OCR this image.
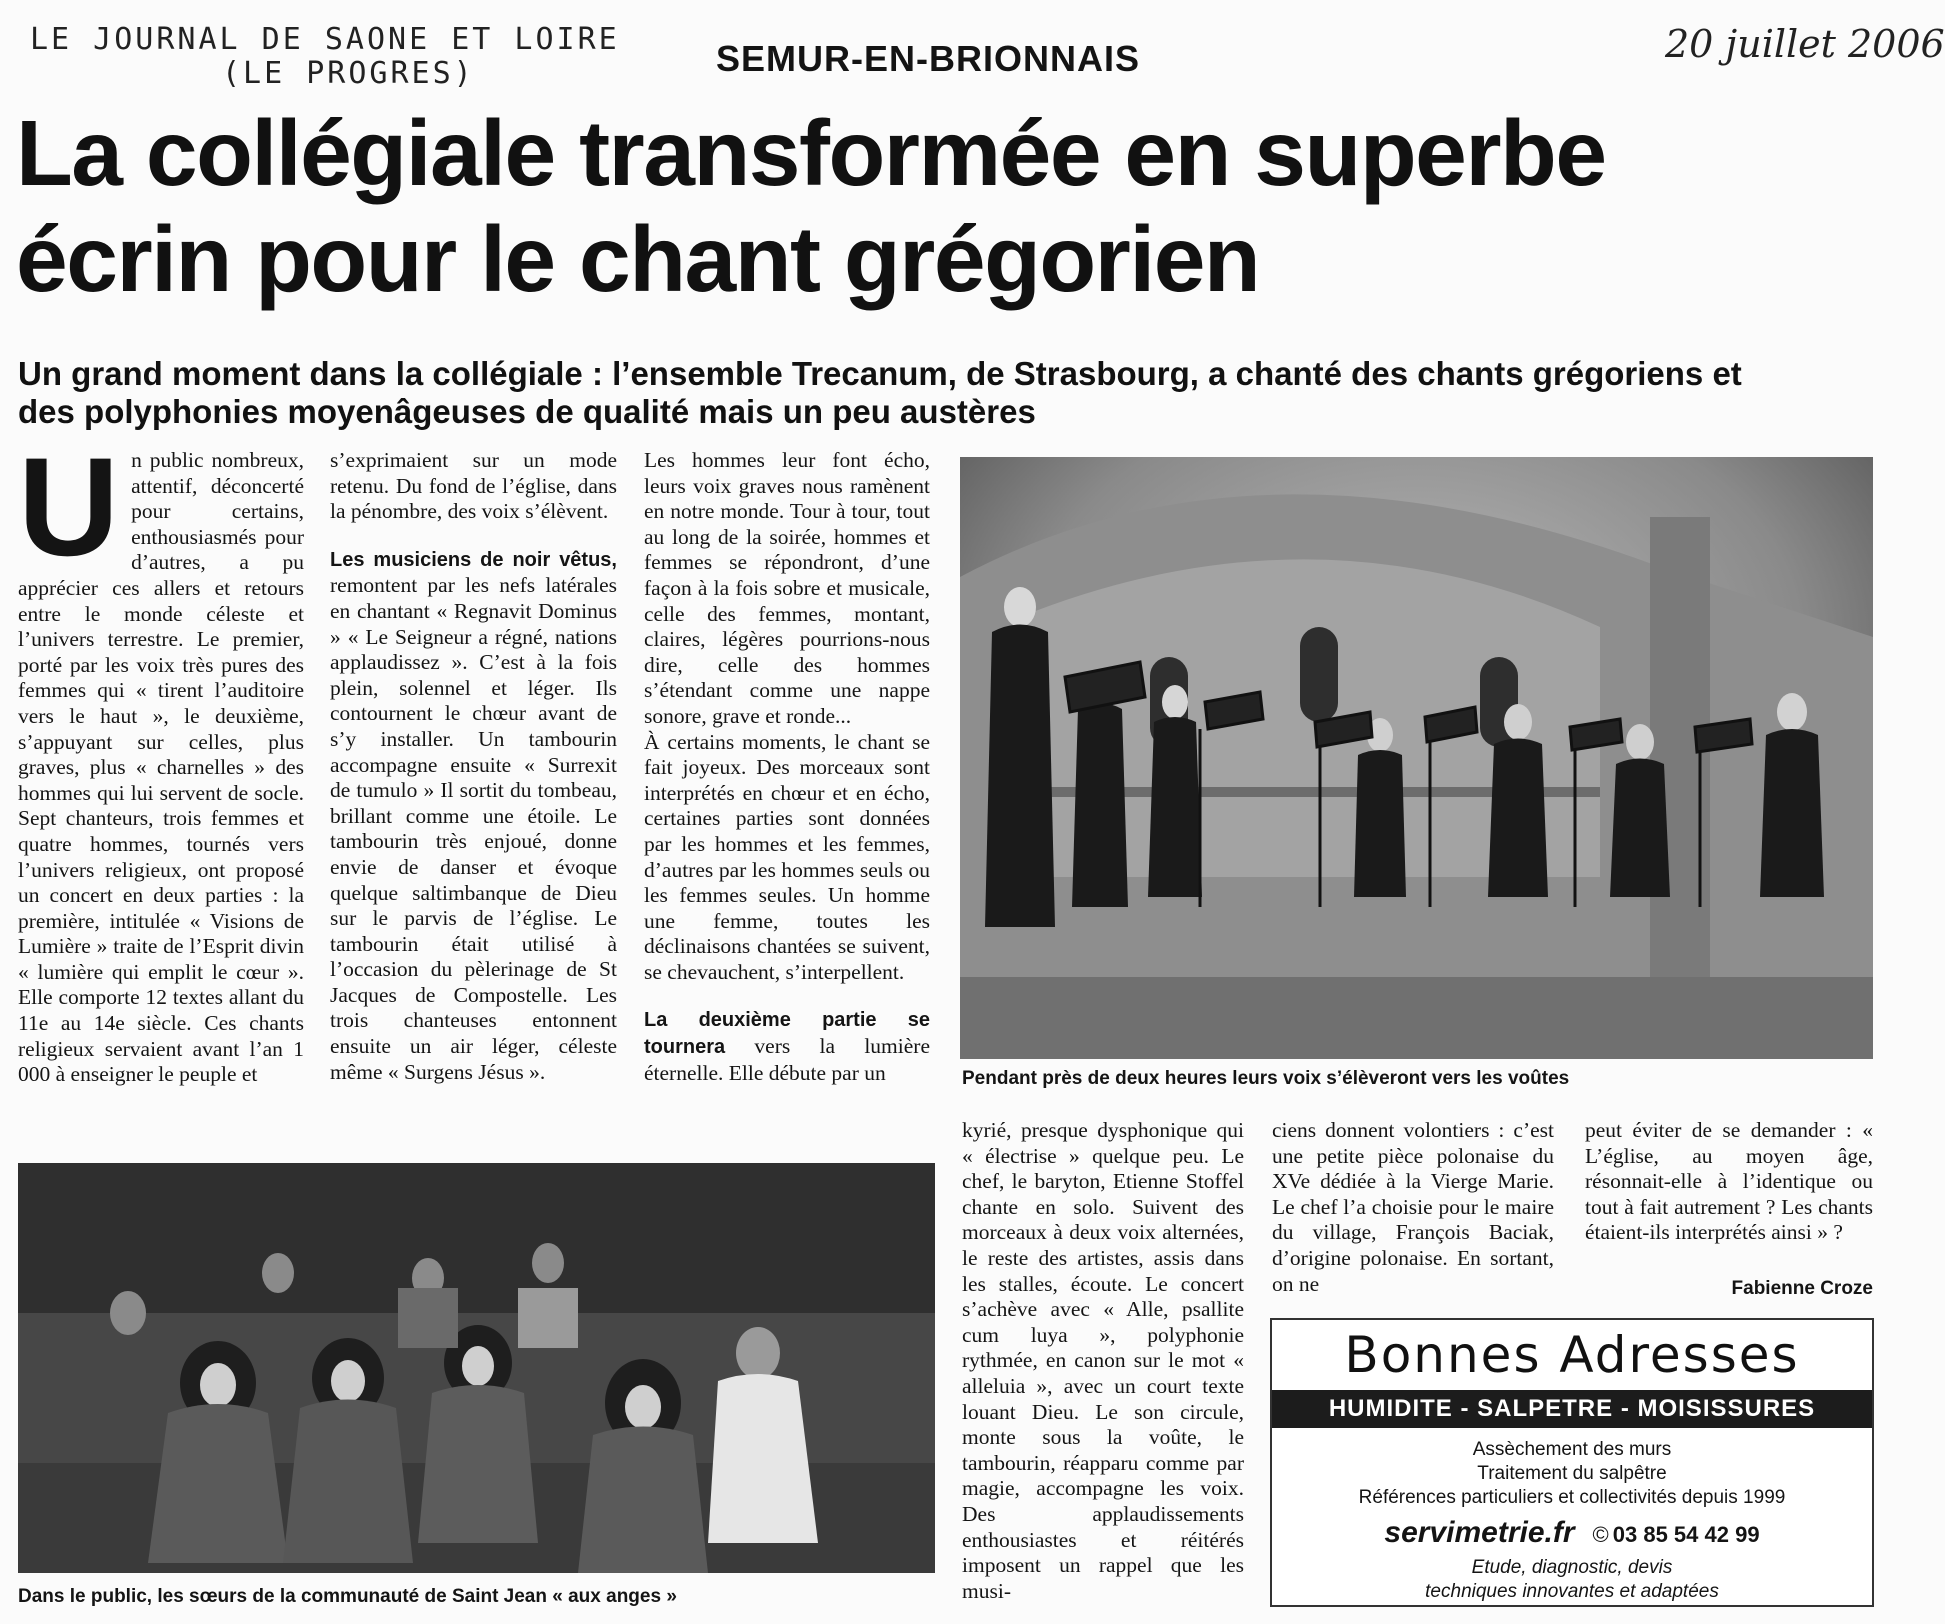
LE JOURNAL DE SAONE ET LOIRE
(LE PROGRES)
20 juillet 2006
SEMUR-EN-BRIONNAIS
La collégiale transformée en superbe
écrin pour le chant grégorien
Un grand moment dans la collégiale : l’ensemble Trecanum, de Strasbourg, a chanté des chants grégoriens et
des polyphonies moyenâgeuses de qualité mais un peu austères
U n public nombreux, attentif, déconcerté pour certains, enthousiasmés pour d’autres, a pu apprécier ces allers et retours entre le monde céleste et l’univers terrestre. Le premier, porté par les voix très pures des femmes qui « tirent l’auditoire vers le haut », le deuxième, s’appuyant sur celles, plus graves, plus « charnelles » des hommes qui lui servent de socle. Sept chanteurs, trois femmes et quatre hommes, tournés vers l’univers religieux, ont proposé un concert en deux parties : la première, intitulée « Visions de Lumière » traite de l’Esprit divin « lumière qui emplit le cœur ». Elle comporte 12 textes allant du 11e au 14e siècle. Ces chants religieux servaient avant l’an 1 000 à enseigner le peuple et

s’exprimaient sur un mode retenu. Du fond de l’église, dans la pénombre, des voix s’élèvent.

Les musiciens de noir vêtus, remontent par les nefs latérales en chantant « Regnavit Dominus » « Le Seigneur a régné, nations applaudissez ». C’est à la fois plein, solennel et léger. Ils contournent le chœur avant de s’y installer. Un tambourin accompagne ensuite « Surrexit de tumulo » Il sortit du tombeau, brillant comme une étoile. Le tambourin très enjoué, donne envie de danser et évoque quelque saltimbanque de Dieu sur le parvis de l’église. Le tambourin était utilisé à l’occasion du pèlerinage de St Jacques de Compostelle. Les trois chanteuses entonnent ensuite un air léger, céleste même « Surgens Jésus ».

Les hommes leur font écho, leurs voix graves nous ramènent en notre monde. Tour à tour, tout au long de la soirée, hommes et femmes se répondront, d’une façon à la fois sobre et musicale, celle des femmes, montant, claires, légères pourrions-nous dire, celle des hommes s’étendant comme une nappe sonore, grave et ronde...

À certains moments, le chant se fait joyeux. Des morceaux sont interprétés en chœur et en écho, certaines parties sont données par les hommes et les femmes, d’autres par les hommes seuls ou les femmes seules. Un homme une femme, toutes les déclinaisons chantées se suivent, se chevauchent, s’interpellent.

La deuxième partie se tournera vers la lumière éternelle. Elle débute par un	Pendant près de deux heures leurs voix s’élèveront vers les voûtes
Dans le public, les sœurs de la communauté de Saint Jean « aux anges »
kyrié, presque dysphonique qui « électrise » quelque peu. Le chef, le baryton, Etienne Stoffel chante en solo. Suivent des morceaux à deux voix alternées, le reste des artistes, assis dans les stalles, écoute. Le concert s’achève avec « Alle, psallite cum luya », polyphonie rythmée, en canon sur le mot « alleluia », avec un court texte louant Dieu. Le son circule, monte sous la voûte, le tambourin, réapparu comme par magie, accompagne les voix. Des applaudissements enthousiastes et réitérés imposent un rappel que les musi-
ciens donnent volontiers : c’est une petite pièce polonaise du XVe dédiée à la Vierge Marie. Le chef l’a choisie pour le maire du village, François Baciak, d’origine polonaise. En sortant, on ne
peut éviter de se demander : « L’église, au moyen âge, résonnait-elle à l’identique ou tout à fait autrement ? Les chants étaient-ils interprétés ainsi » ?
Fabienne Croze
Bonnes Adresses
HUMIDITE - SALPETRE - MOISISSURES
Assèchement des murs
Traitement du salpêtre
Références particuliers et collectivités depuis 1999
servimetrie.fr © 03 85 54 42 99
Etude, diagnostic, devis
techniques innovantes et adaptées
